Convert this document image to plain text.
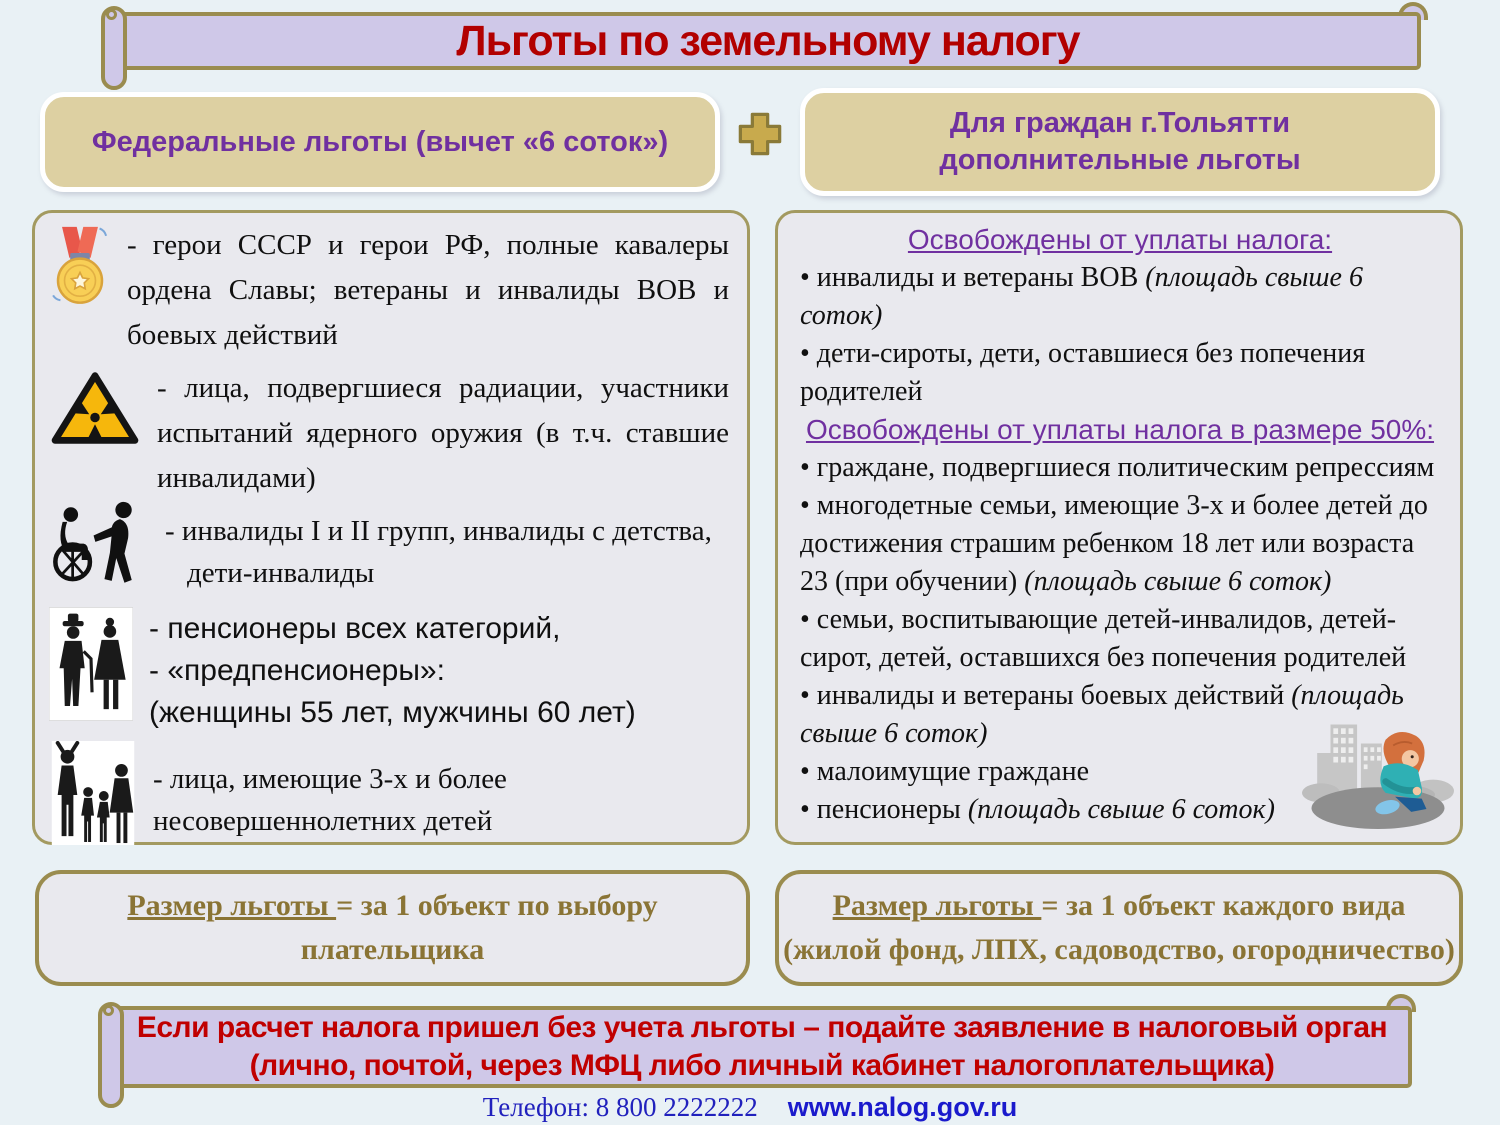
Льготы по земельному налогу
Федеральные льготы (вычет «6 соток»)
Для граждан г.Тольятти
дополнительные льготы
- герои СССР и герои РФ, полные кавалеры ордена Славы; ветераны и инвалиды ВОВ и боевых действий
- лица, подвергшиеся радиации, участники испытаний ядерного оружия (в т.ч. ставшие инвалидами)
- инвалиды I и II групп, инвалиды с детства,
дети-инвалиды
- пенсионеры всех категорий,
- «предпенсионеры»:
(женщины 55 лет, мужчины 60 лет)
- лица, имеющие 3-х и более
несовершеннолетних детей
Освобождены от уплаты налога:
• инвалиды и ветераны ВОВ (площадь свыше 6 соток)
• дети-сироты, дети, оставшиеся без попечения родителей
Освобождены от уплаты налога в размере 50%:
• граждане, подвергшиеся политическим репрессиям
• многодетные семьи, имеющие 3-х и более детей до достижения страшим ребенком 18 лет или возраста 23 (при обучении) (площадь свыше 6 соток)
• семьи, воспитывающие детей-инвалидов, детей-сирот, детей, оставшихся без попечения родителей
• инвалиды и ветераны боевых действий (площадь свыше 6 соток)
• малоимущие граждане
• пенсионеры (площадь свыше 6 соток)
Размер льготы = за 1 объект по выбору
плательщика
Размер льготы = за 1 объект каждого вида
(жилой фонд, ЛПХ, садоводство, огородничество)
Если расчет налога пришел без учета льготы – подайте заявление в налоговый орган
(лично, почтой, через МФЦ либо личный кабинет налогоплательщика)
Телефон: 8 800 2222222 www.nalog.gov.ru
